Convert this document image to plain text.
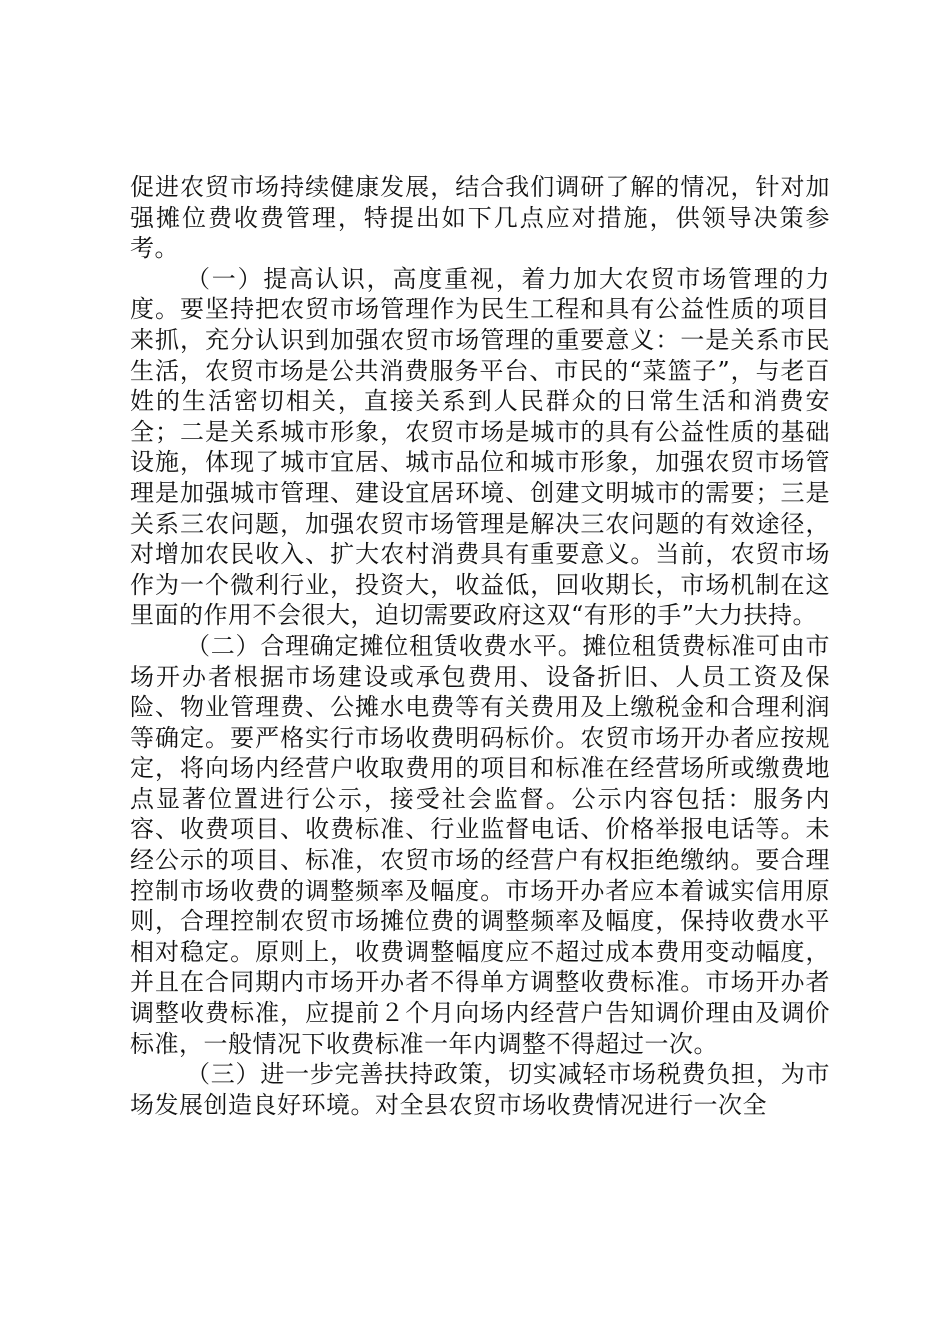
促进农贸市场持续健康发展，结合我们调研了解的情况，针对加强摊位费收费管理，特提出如下几点应对措施，供领导决策参考。

（一）提高认识，高度重视，着力加大农贸市场管理的力度。要坚持把农贸市场管理作为民生工程和具有公益性质的项目来抓，充分认识到加强农贸市场管理的重要意义：一是关系市民生活，农贸市场是公共消费服务平台、市民的“菜篮子”，与老百姓的生活密切相关，直接关系到人民群众的日常生活和消费安全；二是关系城市形象，农贸市场是城市的具有公益性质的基础设施，体现了城市宜居、城市品位和城市形象，加强农贸市场管理是加强城市管理、建设宜居环境、创建文明城市的需要；三是关系三农问题，加强农贸市场管理是解决三农问题的有效途径，对增加农民收入、扩大农村消费具有重要意义。当前，农贸市场作为一个微利行业，投资大，收益低，回收期长，市场机制在这里面的作用不会很大，迫切需要政府这双“有形的手”大力扶持。

（二）合理确定摊位租赁收费水平。摊位租赁费标准可由市场开办者根据市场建设或承包费用、设备折旧、人员工资及保险、物业管理费、公摊水电费等有关费用及上缴税金和合理利润等确定。要严格实行市场收费明码标价。农贸市场开办者应按规定，将向场内经营户收取费用的项目和标准在经营场所或缴费地点显著位置进行公示，接受社会监督。公示内容包括：服务内容、收费项目、收费标准、行业监督电话、价格举报电话等。未经公示的项目、标准，农贸市场的经营户有权拒绝缴纳。要合理控制市场收费的调整频率及幅度。市场开办者应本着诚实信用原则，合理控制农贸市场摊位费的调整频率及幅度，保持收费水平相对稳定。原则上，收费调整幅度应不超过成本费用变动幅度，并且在合同期内市场开办者不得单方调整收费标准。市场开办者调整收费标准，应提前２个月向场内经营户告知调价理由及调价标准，一般情况下收费标准一年内调整不得超过一次。

（三）进一步完善扶持政策，切实减轻市场税费负担，为市场发展创造良好环境。对全县农贸市场收费情况进行一次全
